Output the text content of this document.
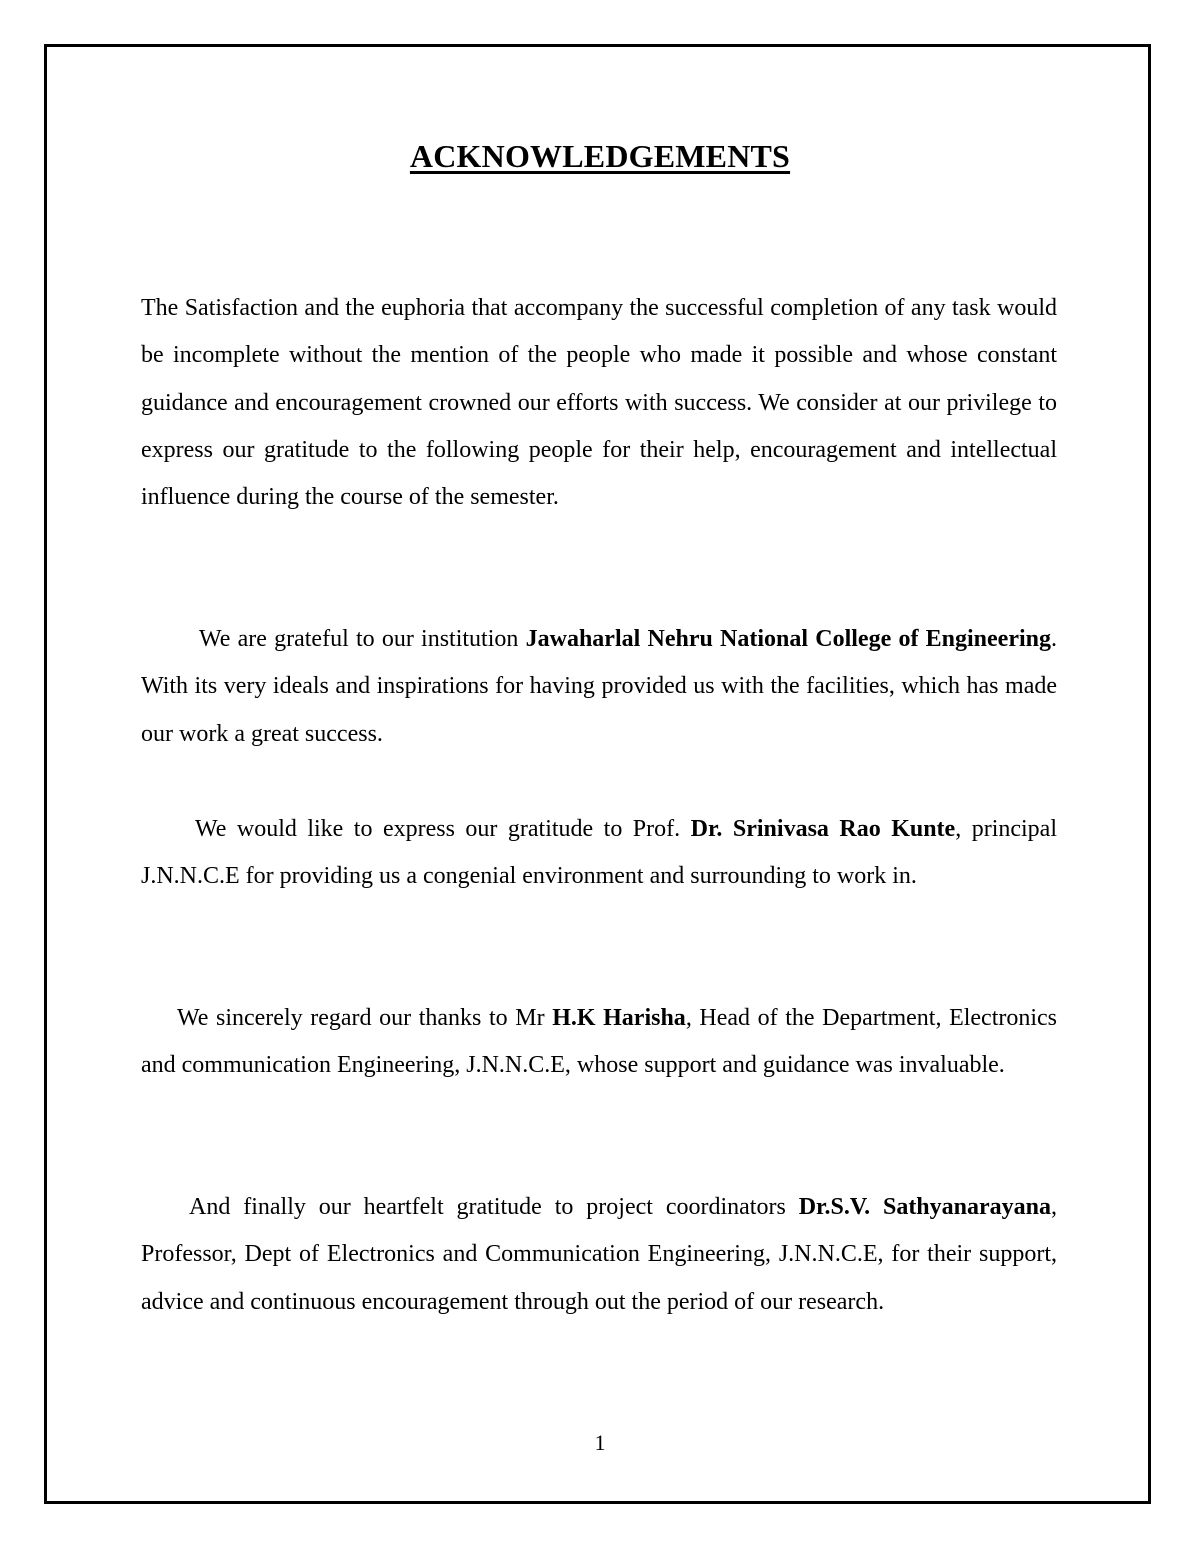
ACKNOWLEDGEMENTS

The Satisfaction and the euphoria that accompany the successful completion of any task would be incomplete without the mention of the people who made it possible and whose constant guidance and encouragement crowned our efforts with success. We consider at our privilege to express our gratitude to the following people for their help, encouragement and intellectual influence during the course of the semester.

We are grateful to our institution Jawaharlal Nehru National College of Engineering. With its very ideals and inspirations for having provided us with the facilities, which has made our work a great success.

We would like to express our gratitude to Prof. Dr. Srinivasa Rao Kunte, principal J.N.N.C.E for providing us a congenial environment and surrounding to work in.

We sincerely regard our thanks to Mr H.K Harisha, Head of the Department, Electronics and communication Engineering, J.N.N.C.E, whose support and guidance was invaluable.

And finally our heartfelt gratitude to project coordinators Dr.S.V. Sathyanarayana, Professor, Dept of Electronics and Communication Engineering, J.N.N.C.E, for their support, advice and continuous encouragement through out the period of our research.

1
